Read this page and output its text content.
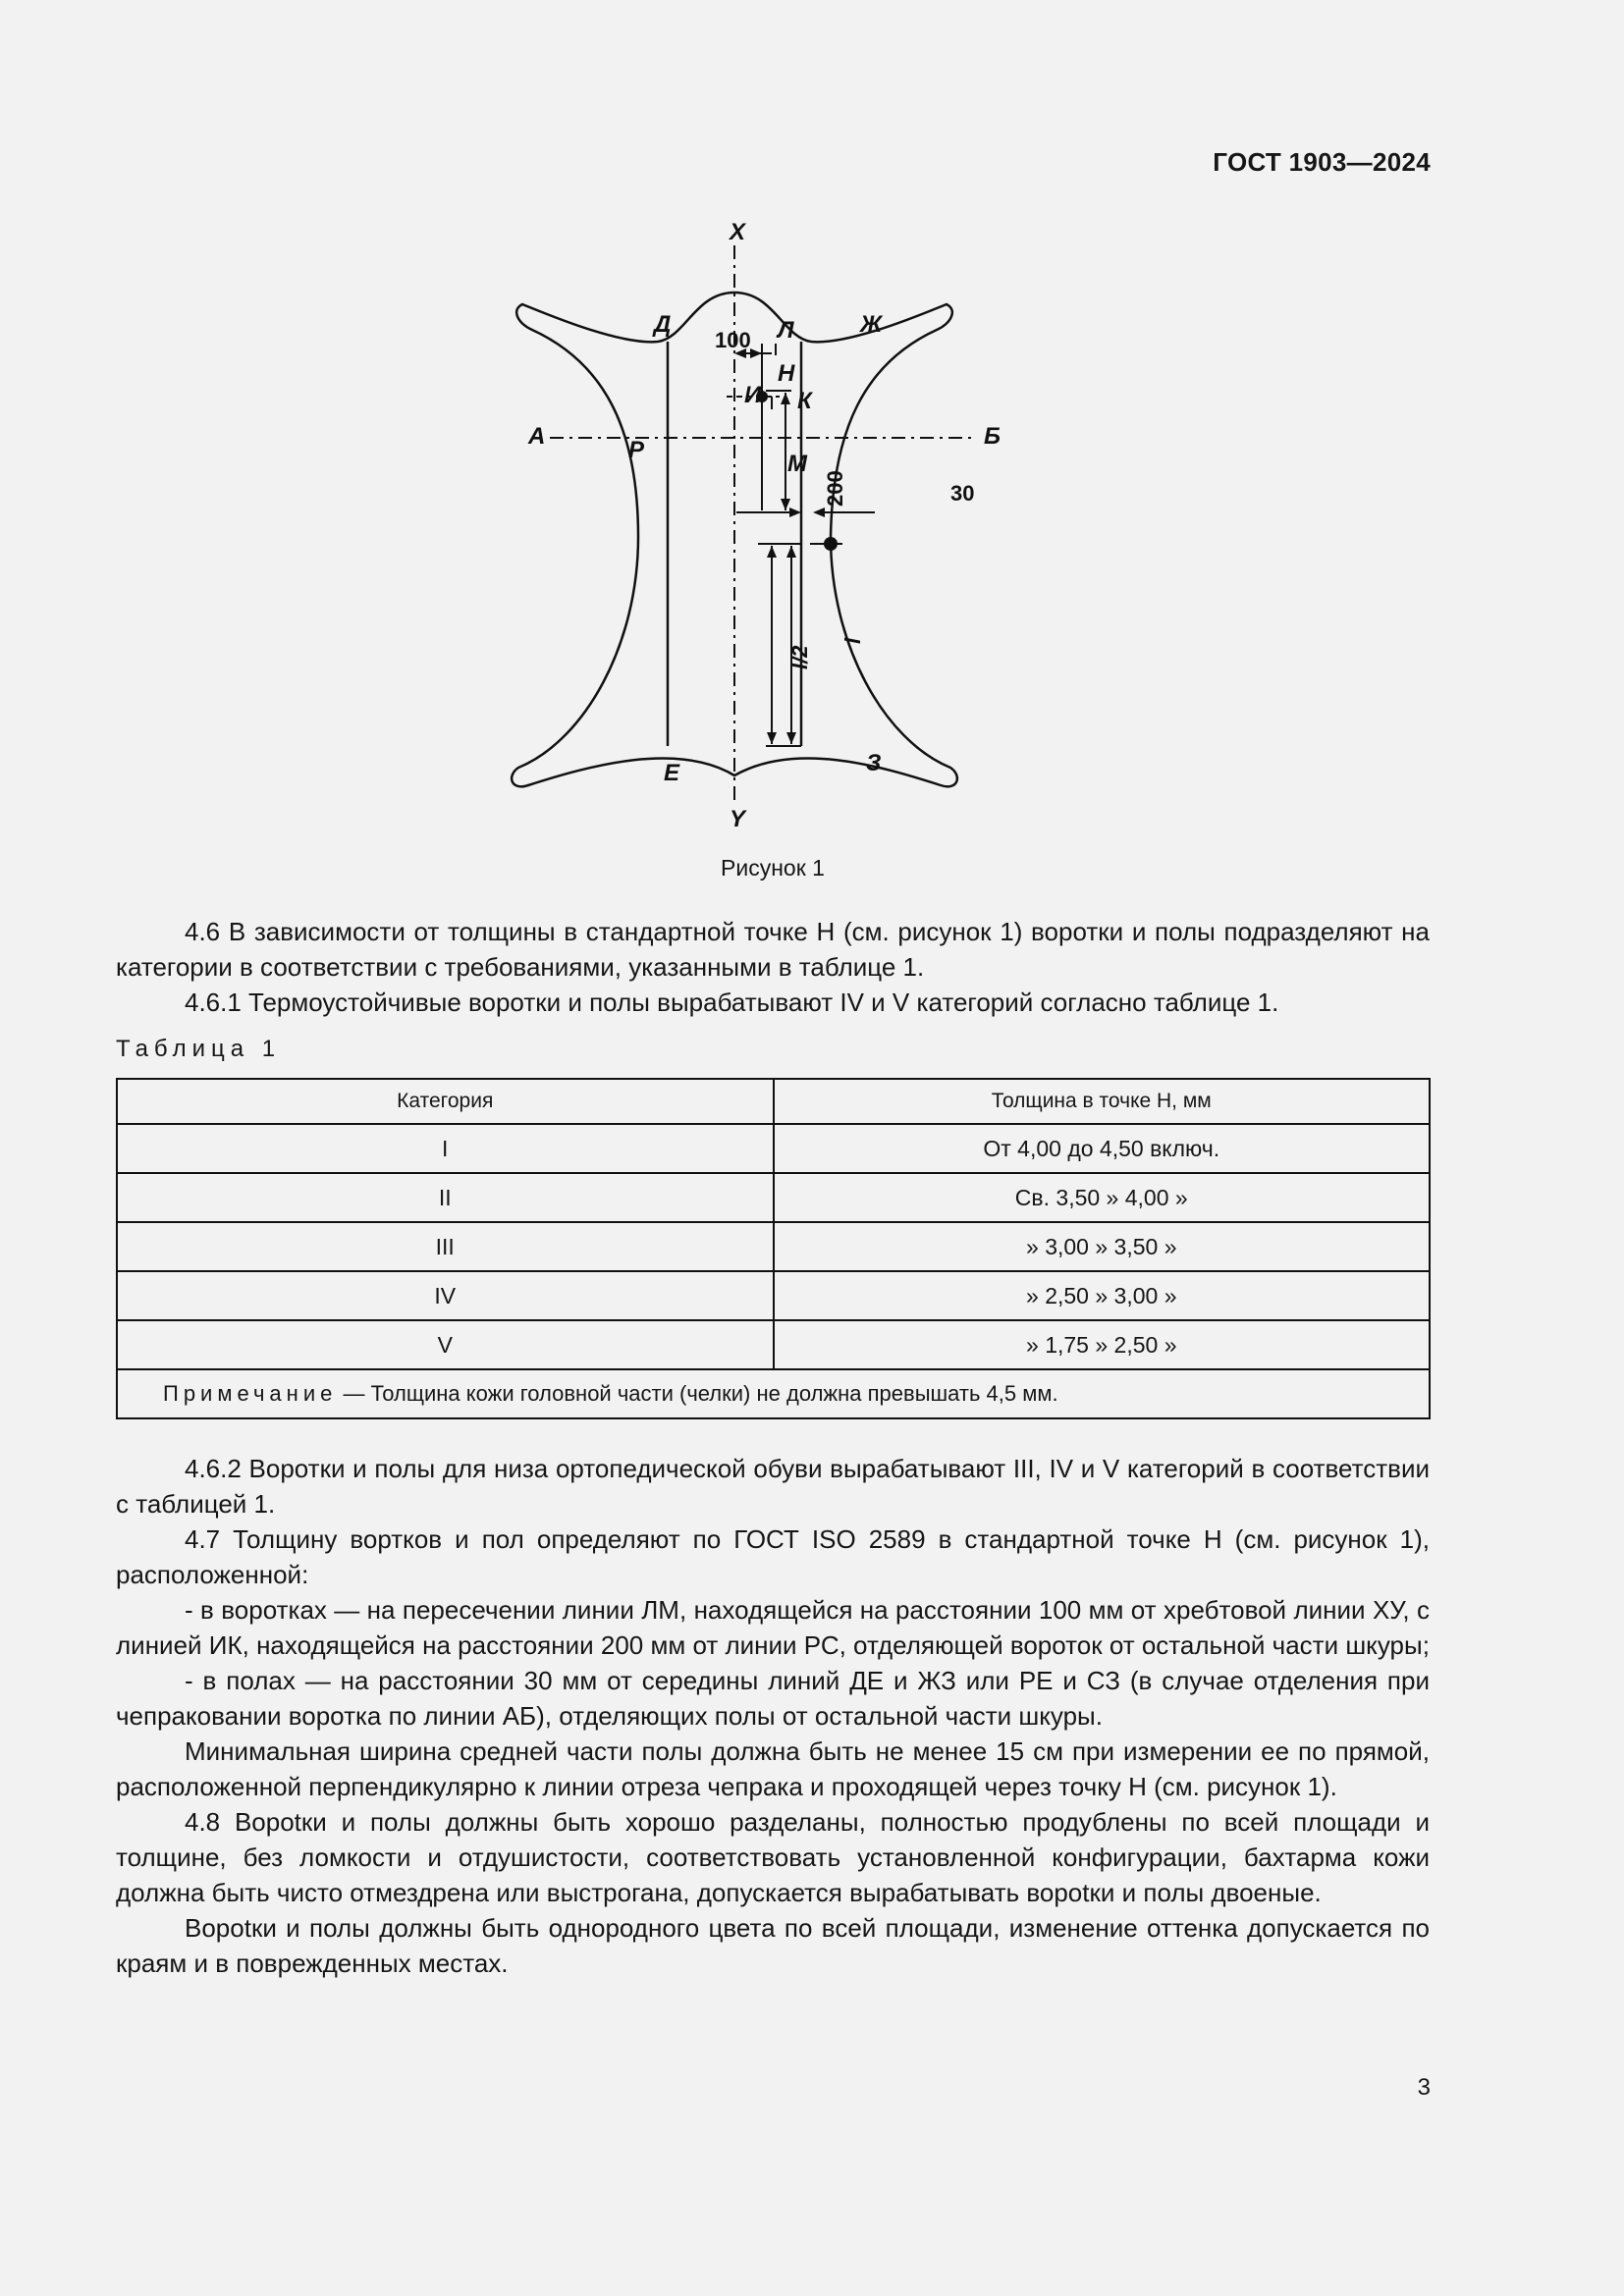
ГОСТ 1903—2024
X
Y
А	Б
Д	Ж
Л
Н
И К
М
Р
Е	З
100
30
200
l
l/2
Рисунок 1

4.6 В зависимости от толщины в стандартной точке Н (см. рисунок 1) воротки и полы подразделяют на категории в соответствии с требованиями, указанными в таблице 1.

4.6.1 Термоустойчивые воротки и полы вырабатывают IV и V категорий согласно таблице 1.

Таблица 1
Категория	Толщина в точке Н, мм
I	От 4,00 до 4,50 включ.
II	Св. 3,50 » 4,00 »
III	» 3,00 » 3,50 »
IV	» 2,50 » 3,00 »
V	» 1,75 » 2,50 »
Примечание — Толщина кожи головной части (челки) не должна превышать 4,5 мм.	

4.6.2 Воротки и полы для низа ортопедической обуви вырабатывают III, IV и V категорий в соответствии с таблицей 1.

4.7 Толщину вортков и пол определяют по ГОСТ ISO 2589 в стандартной точке Н (см. рисунок 1), расположенной:

- в воротках — на пересечении линии ЛМ, находящейся на расстоянии 100 мм от хребтовой линии ХУ, с линией ИК, находящейся на расстоянии 200 мм от линии РС, отделяющей вороток от остальной части шкуры;

- в полах — на расстоянии 30 мм от середины линий ДЕ и ЖЗ или РЕ и СЗ (в случае отделения при чепраковании воротка по линии АБ), отделяющих полы от остальной части шкуры.

Минимальная ширина средней части полы должна быть не менее 15 см при измерении ее по прямой, расположенной перпендикулярно к линии отреза чепрака и проходящей через точку Н (см. рисунок 1).

4.8 Ворotки и полы должны быть хорошо разделаны, полностью продублены по всей площади и толщине, без ломкости и отдушистости, соответствовать установленной конфигурации, бахтарма кожи должна быть чисто отмездрена или выстрогана, допускается вырабатывать ворotки и полы двоеные.

Ворotки и полы должны быть однородного цвета по всей площади, изменение оттенка допускается по краям и в поврежденных местах.

3
